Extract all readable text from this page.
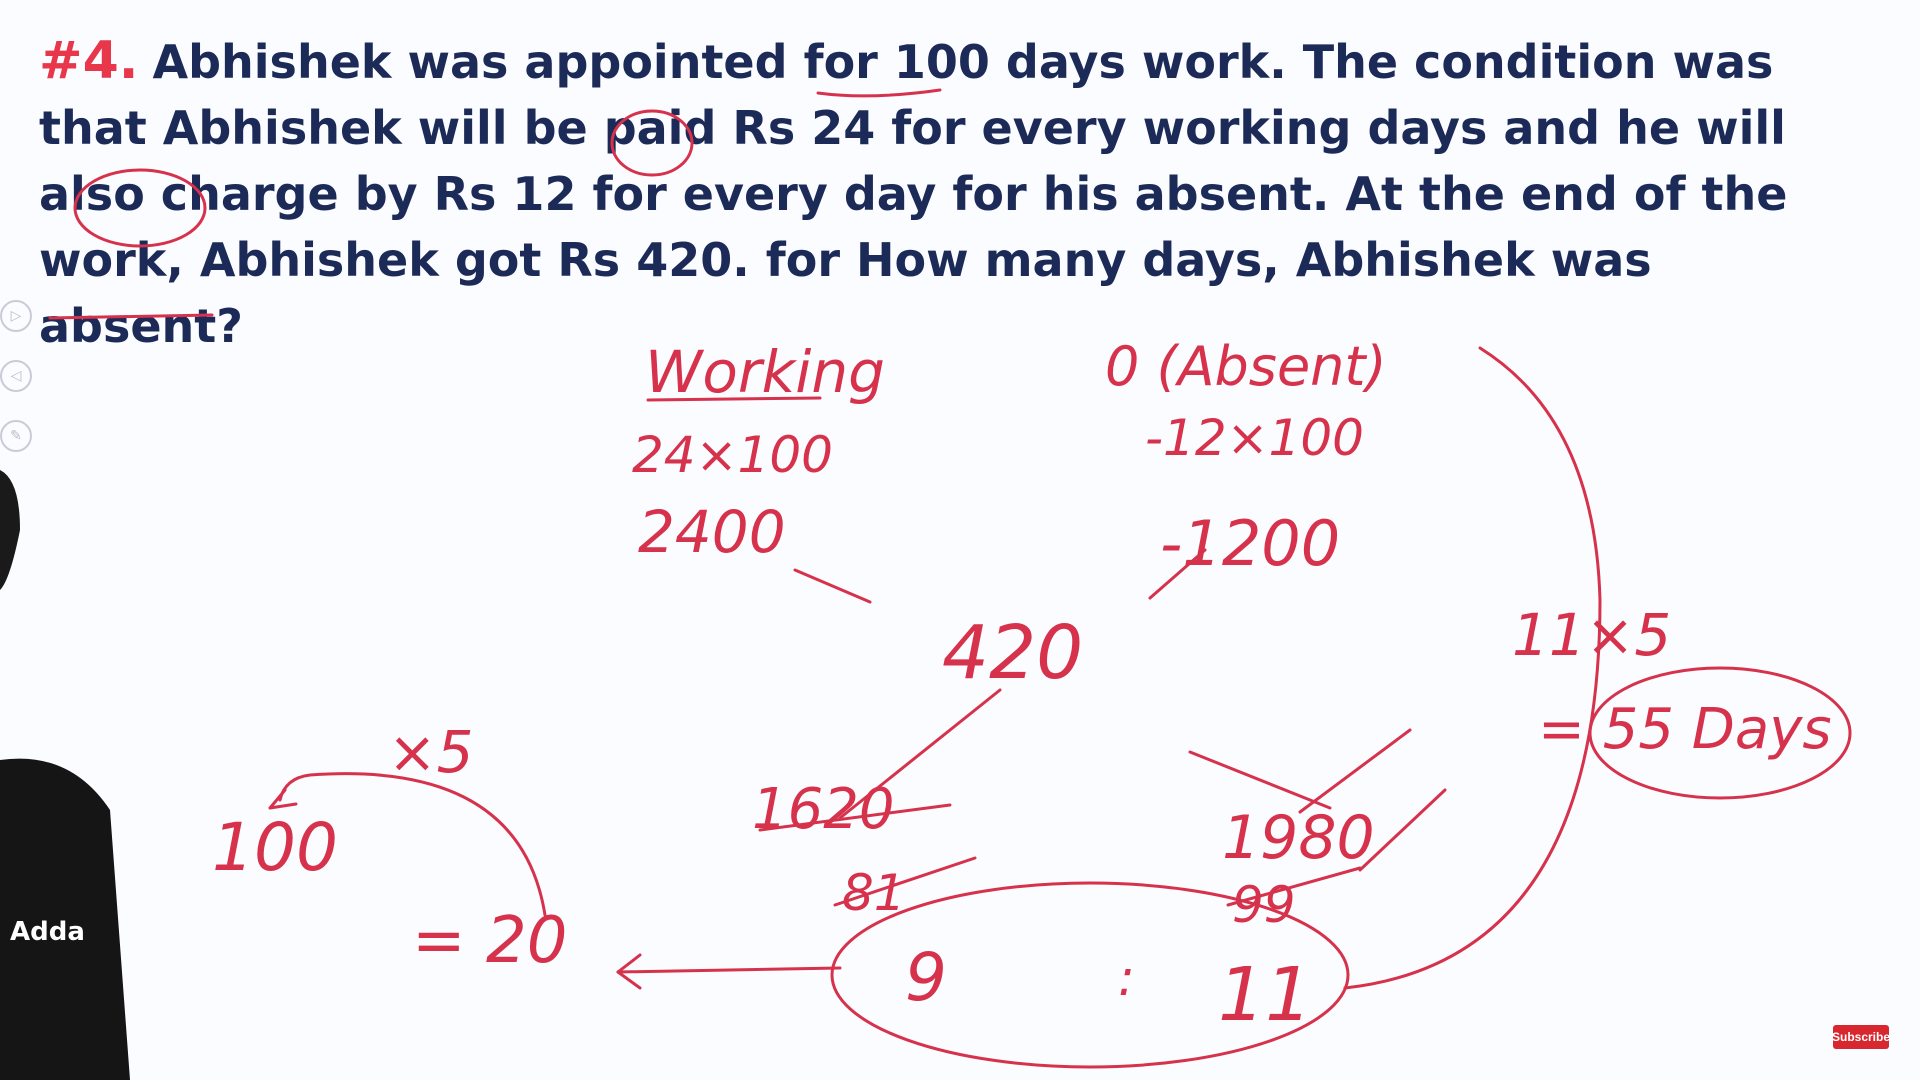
#4. Abhishek was appointed for 100 days work. The condition was that Abhishek will be paid Rs 24 for every working days and he will also charge by Rs 12 for every day for his absent. At the end of the work, Abhishek got Rs 420. for How many days, Abhishek was absent?
▷
◁
✎
Working
24×100
2400
0 (Absent)
-12×100
-1200
420
1620
81
1980
99
9	: 11
100
×5
= 20
11×5
= 55 Days
Adda
Subscribe
